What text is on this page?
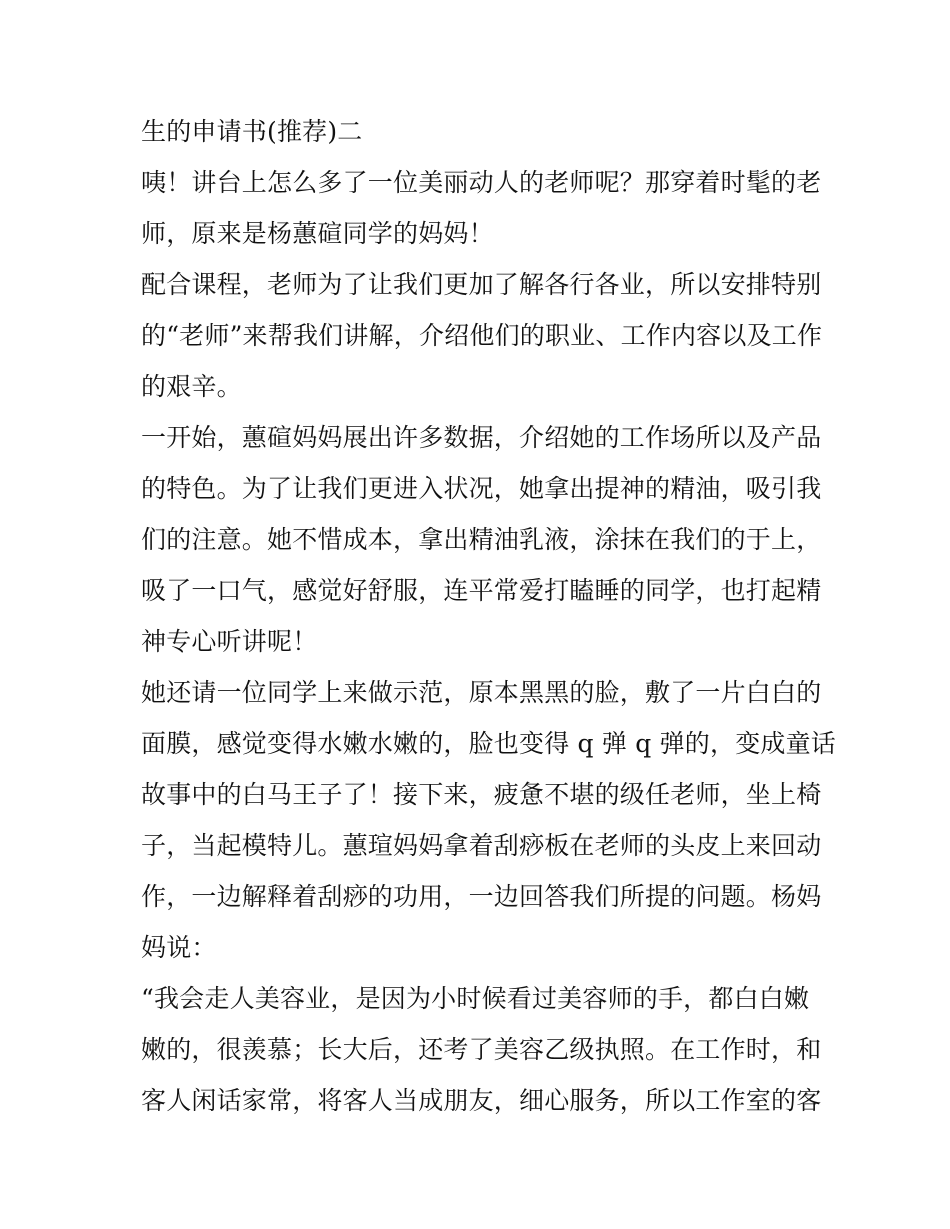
生的申请书(推荐)二
咦！讲台上怎么多了一位美丽动人的老师呢？那穿着时髦的老
师，原来是杨蕙碹同学的妈妈！
配合课程，老师为了让我们更加了解各行各业，所以安排特别
的“老师”来帮我们讲解，介绍他们的职业、工作内容以及工作
的艰辛。
一开始，蕙碹妈妈展出许多数据，介绍她的工作场所以及产品
的特色。为了让我们更进入状况，她拿出提神的精油，吸引我
们的注意。她不惜成本，拿出精油乳液，涂抹在我们的于上，
吸了一口气，感觉好舒服，连平常爱打瞌睡的同学，也打起精
神专心听讲呢！
她还请一位同学上来做示范，原本黑黑的脸，敷了一片白白的
面膜，感觉变得水嫩水嫩的，脸也变得 q 弹 q 弹的，变成童话
故事中的白马王子了！接下来，疲惫不堪的级任老师，坐上椅
子，当起模特儿。蕙瑄妈妈拿着刮痧板在老师的头皮上来回动
作，一边解释着刮痧的功用，一边回答我们所提的问题。杨妈
妈说：
“我会走人美容业，是因为小时候看过美容师的手，都白白嫩
嫩的，很羡慕；长大后，还考了美容乙级执照。在工作时，和
客人闲话家常，将客人当成朋友，细心服务，所以工作室的客
